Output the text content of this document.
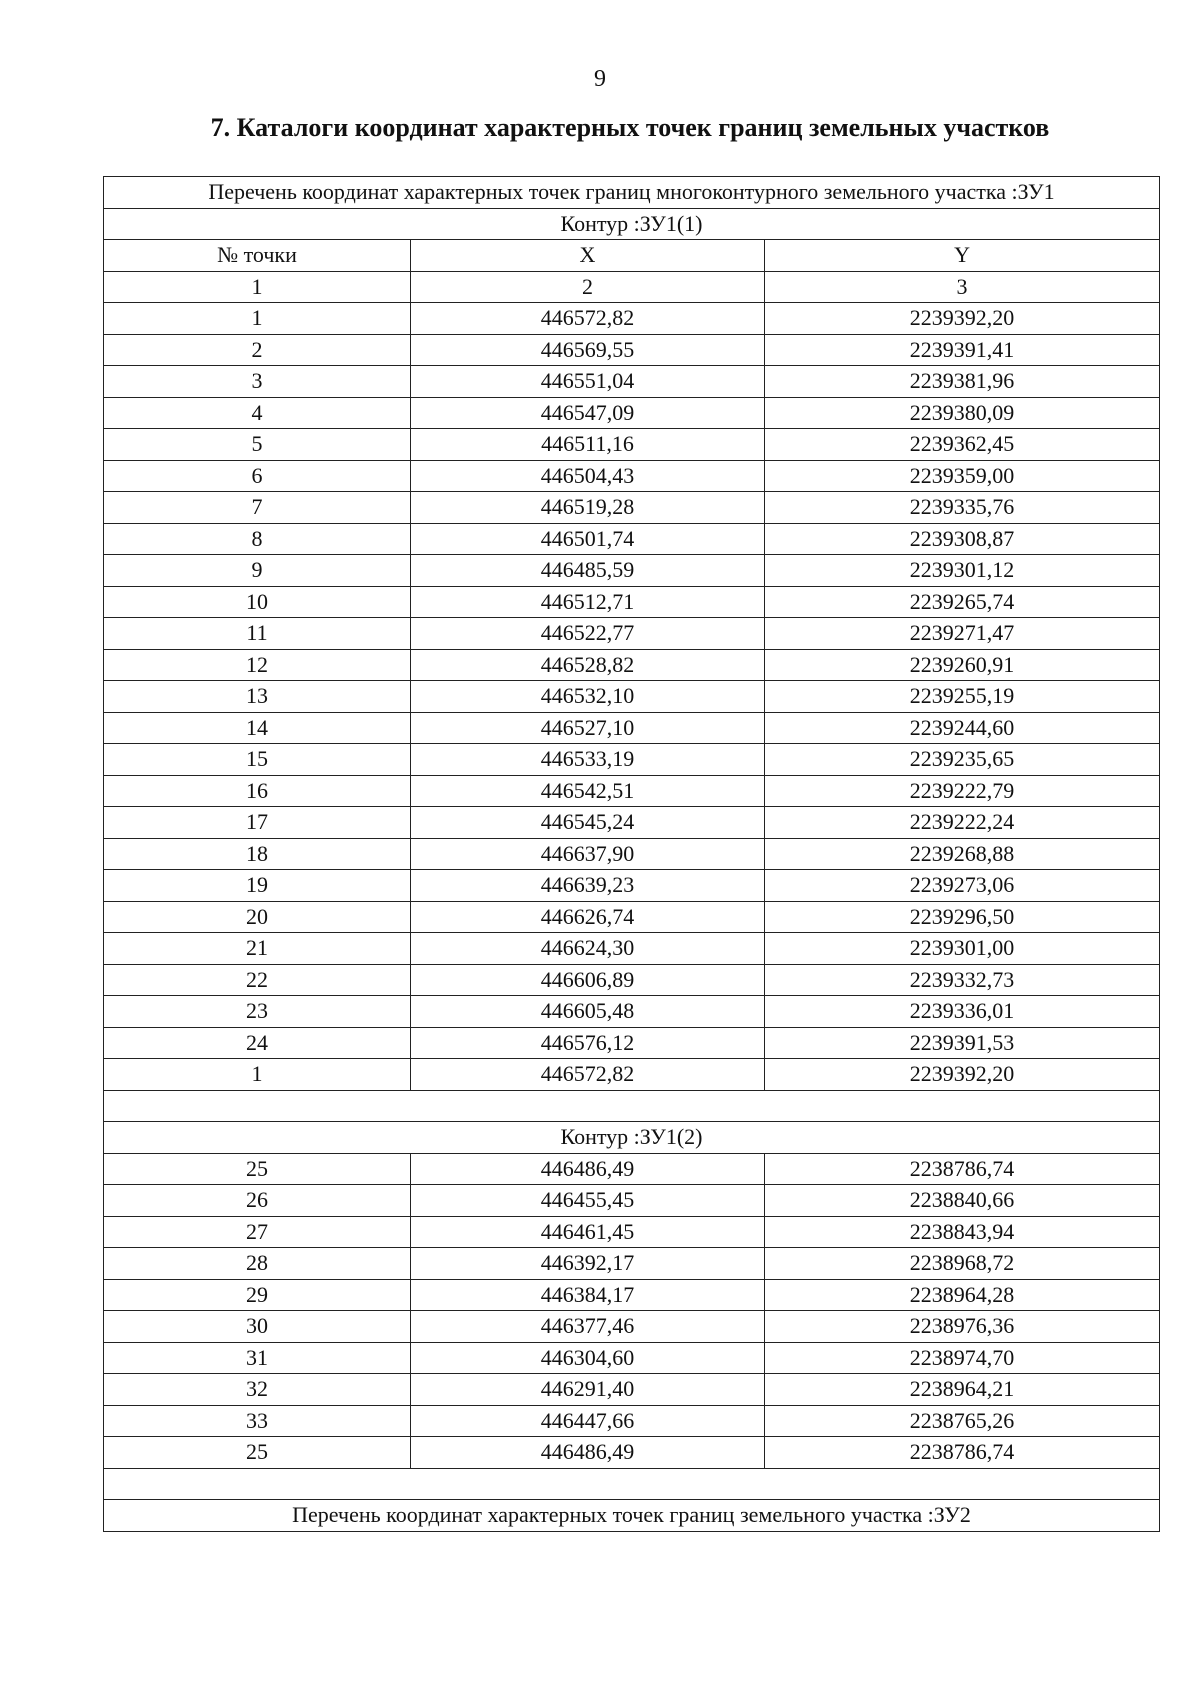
9
7. Каталоги координат характерных точек границ земельных участков
Перечень координат характерных точек границ многоконтурного земельного участка :ЗУ1		
Контур :ЗУ1(1)		
№ точки	X	Y
1	2	3
1	446572,82	2239392,20
2	446569,55	2239391,41
3	446551,04	2239381,96
4	446547,09	2239380,09
5	446511,16	2239362,45
6	446504,43	2239359,00
7	446519,28	2239335,76
8	446501,74	2239308,87
9	446485,59	2239301,12
10	446512,71	2239265,74
11	446522,77	2239271,47
12	446528,82	2239260,91
13	446532,10	2239255,19
14	446527,10	2239244,60
15	446533,19	2239235,65
16	446542,51	2239222,79
17	446545,24	2239222,24
18	446637,90	2239268,88
19	446639,23	2239273,06
20	446626,74	2239296,50
21	446624,30	2239301,00
22	446606,89	2239332,73
23	446605,48	2239336,01
24	446576,12	2239391,53
1	446572,82	2239392,20

Контур :ЗУ1(2)		
25	446486,49	2238786,74
26	446455,45	2238840,66
27	446461,45	2238843,94
28	446392,17	2238968,72
29	446384,17	2238964,28
30	446377,46	2238976,36
31	446304,60	2238974,70
32	446291,40	2238964,21
33	446447,66	2238765,26
25	446486,49	2238786,74

Перечень координат характерных точек границ земельного участка :ЗУ2		
